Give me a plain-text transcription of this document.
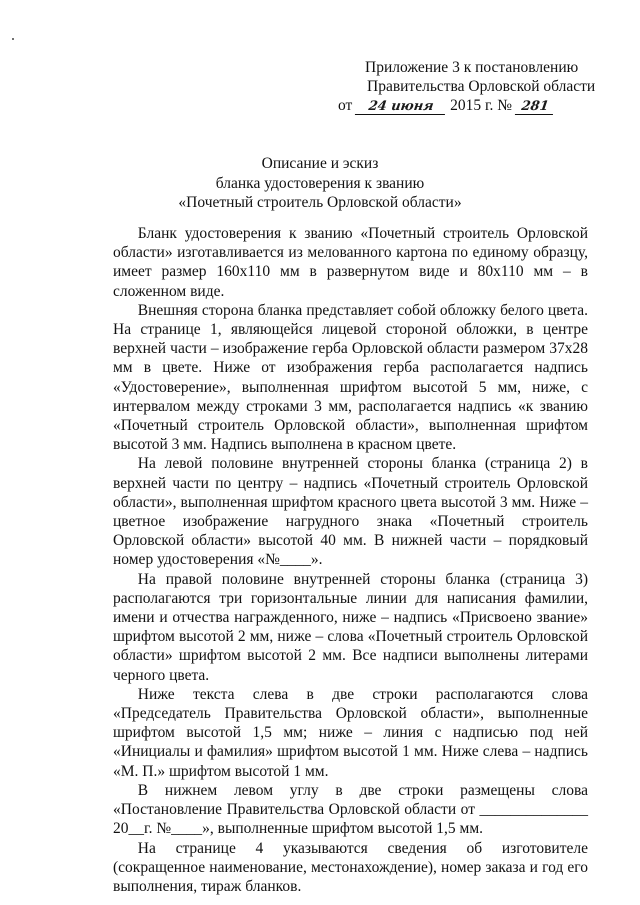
Приложение 3 к постановлению
Правительства Орловской области
от 24 июня 2015 г. № 281
Описание и эскиз
бланка удостоверения к званию
«Почетный строитель Орловской области»

Бланк удостоверения к званию «Почетный строитель Орловской области» изготавливается из мелованного картона по единому образцу, имеет размер 160х110 мм в развернутом виде и 80х110 мм – в сложенном виде.

Внешняя сторона бланка представляет собой обложку белого цвета. На странице 1, являющейся лицевой стороной обложки, в центре верхней части – изображение герба Орловской области размером 37х28 мм в цвете. Ниже от изображения герба располагается надпись «Удостоверение», выполненная шрифтом высотой 5 мм, ниже, с интервалом между строками 3 мм, располагается надпись «к званию «Почетный строитель Орловской области», выполненная шрифтом высотой 3 мм. Надпись выполнена в красном цвете.

На левой половине внутренней стороны бланка (страница 2) в верхней части по центру – надпись «Почетный строитель Орловской области», выполненная шрифтом красного цвета высотой 3 мм. Ниже – цветное изображение нагрудного знака «Почетный строитель Орловской области» высотой 40 мм. В нижней части – порядковый номер удостоверения «№____».

На правой половине внутренней стороны бланка (страница 3) располагаются три горизонтальные линии для написания фамилии, имени и отчества награжденного, ниже – надпись «Присвоено звание» шрифтом высотой 2 мм, ниже – слова «Почетный строитель Орловской области» шрифтом высотой 2 мм. Все надписи выполнены литерами черного цвета.

Ниже текста слева в две строки располагаются слова «Председатель Правительства Орловской области», выполненные шрифтом высотой 1,5 мм; ниже – линия с надписью под ней «Инициалы и фамилия» шрифтом высотой 1 мм. Ниже слева – надпись «М. П.» шрифтом высотой 1 мм.

В нижнем левом углу в две строки размещены слова «Постановление Правительства Орловской области от ______________ 20__г. №____», выполненные шрифтом высотой 1,5 мм.

На странице 4 указываются сведения об изготовителе (сокращенное наименование, местонахождение), номер заказа и год его выполнения, тираж бланков.
